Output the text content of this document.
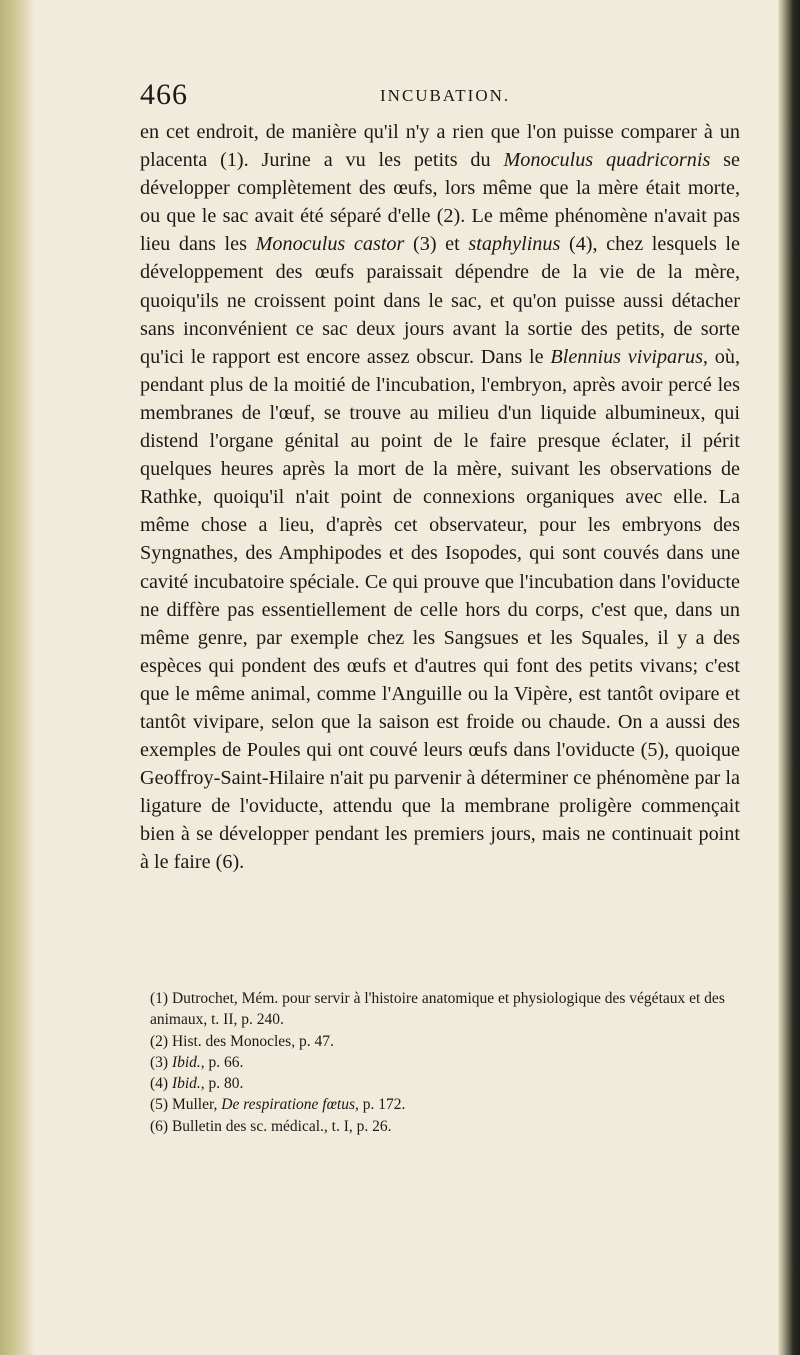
466	INCUBATION.

en cet endroit, de manière qu'il n'y a rien que l'on puisse comparer à un placenta (1). Jurine a vu les petits du Monoculus quadricornis se développer complètement des œufs, lors même que la mère était morte, ou que le sac avait été séparé d'elle (2). Le même phénomène n'avait pas lieu dans les Monoculus castor (3) et staphylinus (4), chez lesquels le développement des œufs paraissait dépendre de la vie de la mère, quoiqu'ils ne croissent point dans le sac, et qu'on puisse aussi détacher sans inconvénient ce sac deux jours avant la sortie des petits, de sorte qu'ici le rapport est encore assez obscur. Dans le Blennius viviparus, où, pendant plus de la moitié de l'incubation, l'embryon, après avoir percé les membranes de l'œuf, se trouve au milieu d'un liquide albumineux, qui distend l'organe génital au point de le faire presque éclater, il périt quelques heures après la mort de la mère, suivant les observations de Rathke, quoiqu'il n'ait point de connexions organiques avec elle. La même chose a lieu, d'après cet observateur, pour les embryons des Syngnathes, des Amphipodes et des Isopodes, qui sont couvés dans une cavité incubatoire spéciale. Ce qui prouve que l'incubation dans l'oviducte ne diffère pas essentiellement de celle hors du corps, c'est que, dans un même genre, par exemple chez les Sangsues et les Squales, il y a des espèces qui pondent des œufs et d'autres qui font des petits vivans; c'est que le même animal, comme l'Anguille ou la Vipère, est tantôt ovipare et tantôt vivipare, selon que la saison est froide ou chaude. On a aussi des exemples de Poules qui ont couvé leurs œufs dans l'oviducte (5), quoique Geoffroy-Saint-Hilaire n'ait pu parvenir à déterminer ce phénomène par la ligature de l'oviducte, attendu que la membrane proligère commençait bien à se développer pendant les premiers jours, mais ne continuait point à le faire (6).

(1) Dutrochet, Mém. pour servir à l'histoire anatomique et physiologique des végétaux et des animaux, t. II, p. 240.

(2) Hist. des Monocles, p. 47.

(3) Ibid., p. 66.

(4) Ibid., p. 80.

(5) Muller, De respiratione fœtus, p. 172.

(6) Bulletin des sc. médical., t. I, p. 26.
